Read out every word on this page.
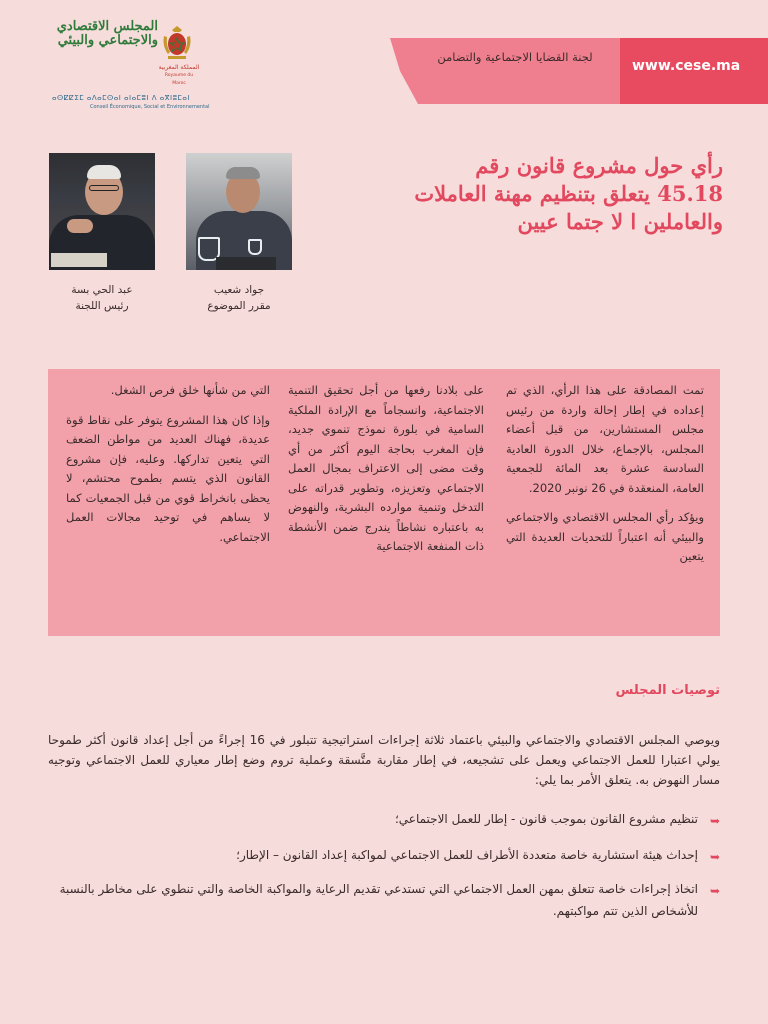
المجلس الاقتصادي والاجتماعي والبيئي
المملكة المغربية
Royaume du Maroc
ⴰⵙⵇⵇⵉⵎ ⴰⴷⴰⵎⵙⴰⵏ ⴰⵏⴰⵎⵓⵏ ⴷ ⴰⴳⵏⵓⵎⴰⵏ
Conseil Économique, Social et Environnemental
لجنة القضايا الاجتماعية والتضامن
www.cese.ma
عبد الحي بسة
رئيس اللجنة
جواد شعيب
مقرر الموضوع
رأي حول مشروع قانون رقم 45.18 يتعلق بتنظيم مهنة العاملات والعاملين ا لا جتما عيين

تمت المصادقة على هذا الرأي، الذي تم إعداده في إطار إحالة واردة من رئيس مجلس المستشارين، من قبل أعضاء المجلس، بالإجماع، خلال الدورة العادية السادسة عشرة بعد المائة للجمعية العامة، المنعقدة في 26 نونبر 2020.

ويؤكد رأي المجلس الاقتصادي والاجتماعي والبيئي أنه اعتباراً للتحديات العديدة التي يتعين

على بلادنا رفعها من أجل تحقيق التنمية الاجتماعية، وانسجاماً مع الإرادة الملكية السامية في بلورة نموذج تنموي جديد، فإن المغرب بحاجة اليوم أكثر من أي وقت مضى إلى الاعتراف بمجال العمل الاجتماعي وتعزيزه، وتطوير قدراته على التدخل وتنمية موارده البشرية، والنهوض به باعتباره نشاطاً يندرج ضمن الأنشطة ذات المنفعة الاجتماعية

التي من شأنها خلق فرص الشغل.

وإذا كان هذا المشروع يتوفر على نقاط قوة عديدة، فهناك العديد من مواطن الضعف التي يتعين تداركها. وعليه، فإن مشروع القانون الذي يتسم بطموح محتشم، لا يحظى بانخراط قوي من قبل الجمعيات كما لا يساهم في توحيد مجالات العمل الاجتماعي.

توصيات المجلس

ويوصي المجلس الاقتصادي والاجتماعي والبيئي باعتماد ثلاثة إجراءات استراتيجية تتبلور في 16 إجراءً من أجل إعداد قانون أكثر طموحا يولي اعتبارا للعمل الاجتماعي ويعمل على تشجيعه، في إطار مقاربة متَّسقة وعملية تروم وضع إطار معياري للعمل الاجتماعي وتوجيه مسار النهوض به. يتعلق الأمر بما يلي:

➥
تنظيم مشروع القانون بموجب قانون - إطار للعمل الاجتماعي؛
➥
إحداث هيئة استشارية خاصة متعددة الأطراف للعمل الاجتماعي لمواكبة إعداد القانون – الإطار؛
➥
اتخاذ إجراءات خاصة تتعلق بمهن العمل الاجتماعي التي تستدعي تقديم الرعاية والمواكبة الخاصة والتي تنطوي على مخاطر بالنسبة للأشخاص الذين تتم مواكبتهم.
